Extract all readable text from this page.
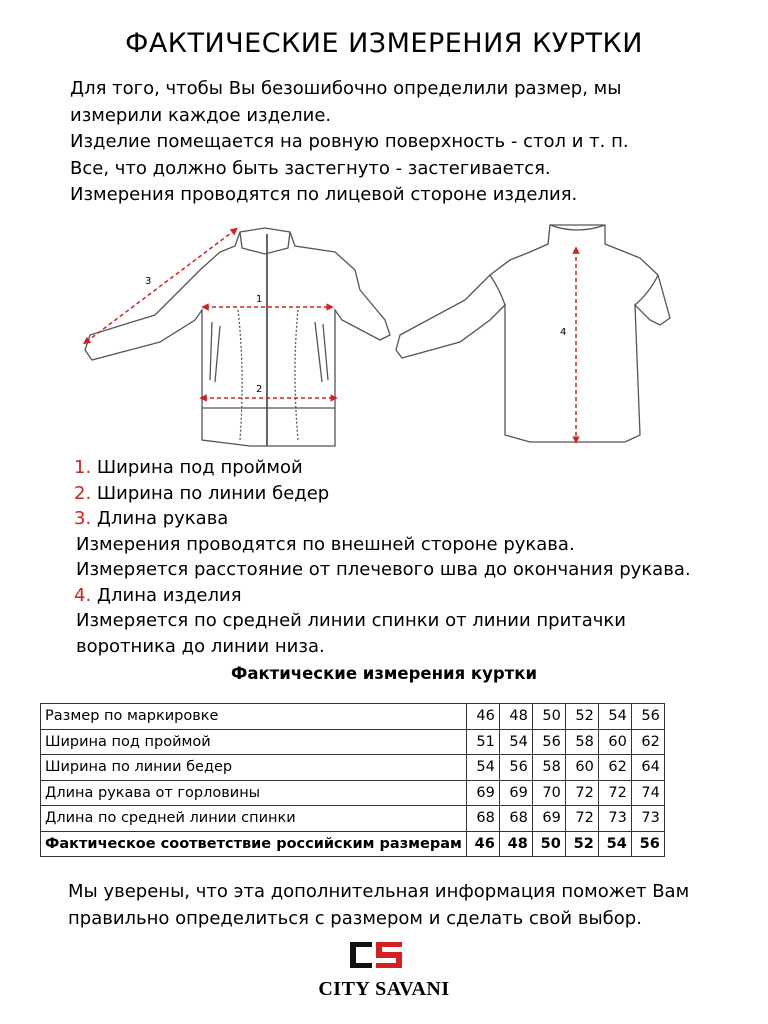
ФАКТИЧЕСКИЕ ИЗМЕРЕНИЯ КУРТКИ
Для того, чтобы Вы безошибочно определили размер, мы
измерили каждое изделие.
Изделие помещается на ровную поверхность - стол и т. п.
Все, что должно быть застегнуто - застегивается.
Измерения проводятся по лицевой стороне изделия.
1
2
3
4
1. Ширина под проймой
2. Ширина по линии бедер
3. Длина рукава
Измерения проводятся по внешней стороне рукава.
Измеряется расстояние от плечевого шва до окончания рукава.
4. Длина изделия
Измеряется по средней линии спинки от линии притачки
воротника до линии низа.
Фактические измерения куртки
Размер по маркировке	46	48	50	52	54	56
Ширина под проймой	51	54	56	58	60	62
Ширина по линии бедер	54	56	58	60	62	64
Длина рукава от горловины	69	69	70	72	72	74
Длина по средней линии спинки	68	68	69	72	73	73
Фактическое соответствие российским размерам	46	48	50	52	54	56
Мы уверены, что эта дополнительная информация поможет Вам
правильно определиться с размером и сделать свой выбор.
CITY SAVANI
